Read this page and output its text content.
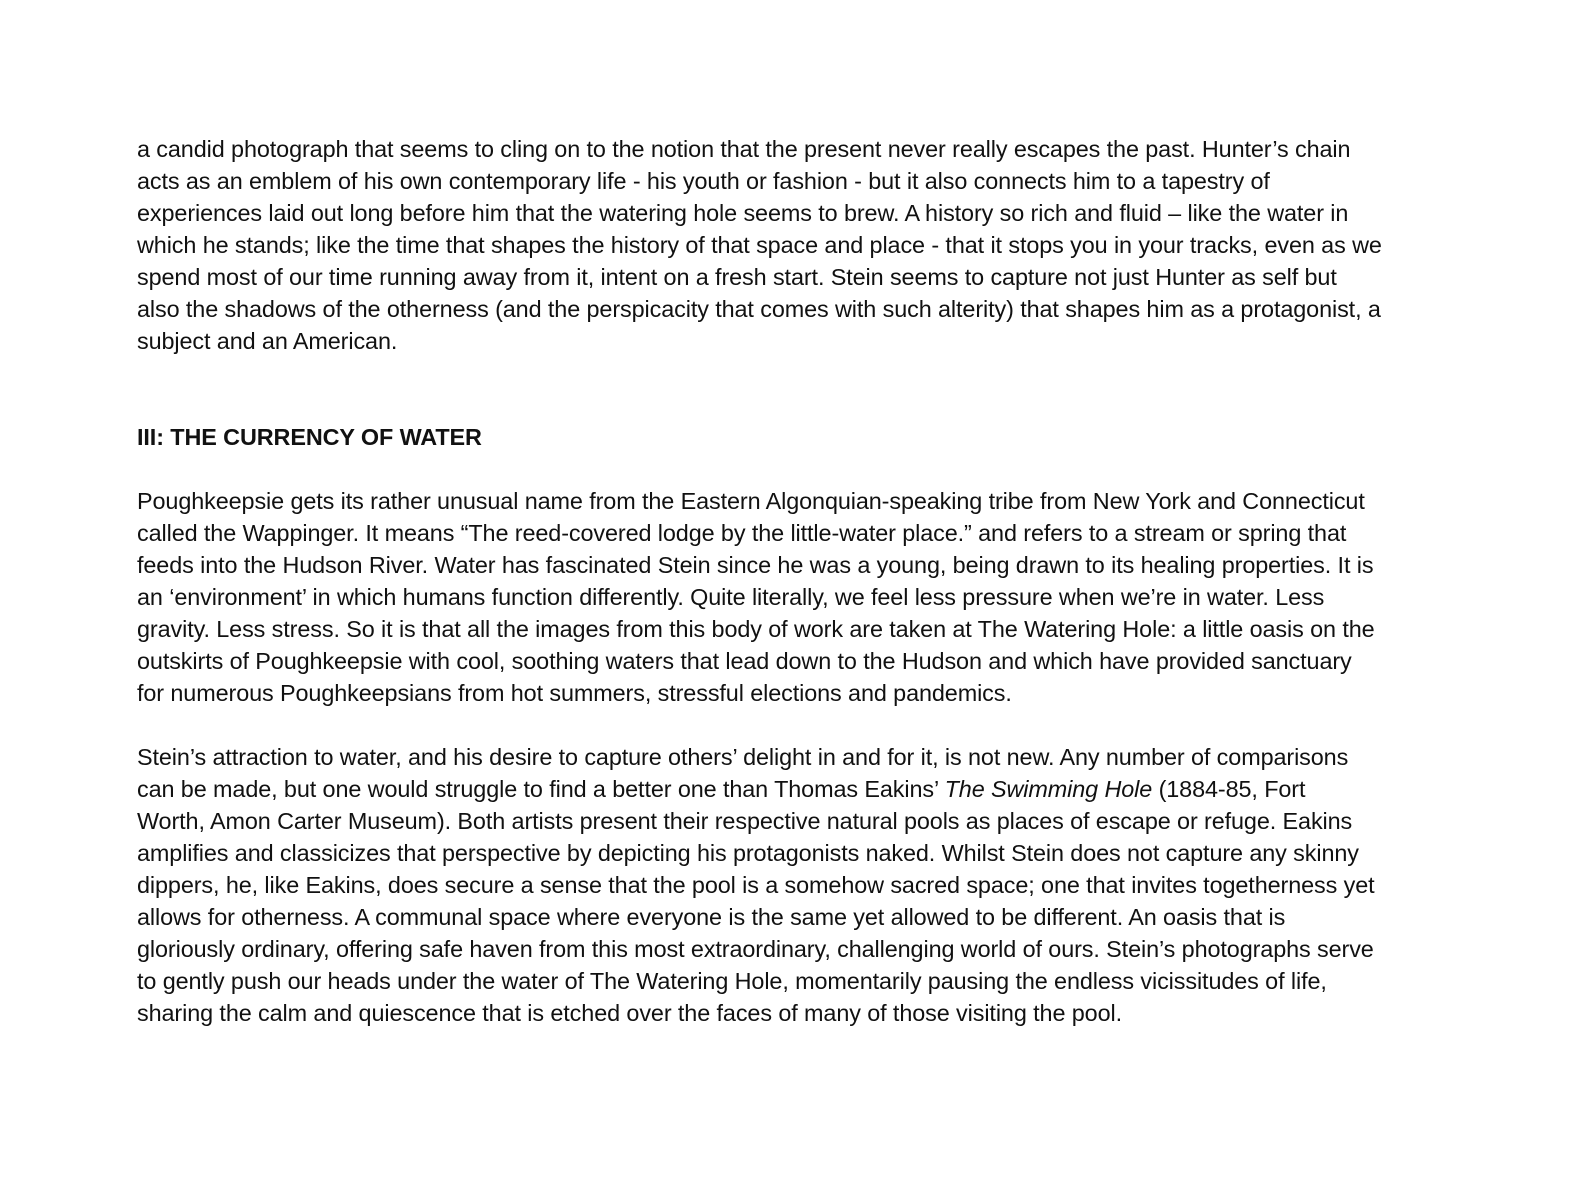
a candid photograph that seems to cling on to the notion that the present never really escapes the past. Hunter’s chain
acts as an emblem of his own contemporary life - his youth or fashion - but it also connects him to a tapestry of
experiences laid out long before him that the watering hole seems to brew. A history so rich and fluid – like the water in
which he stands; like the time that shapes the history of that space and place - that it stops you in your tracks, even as we
spend most of our time running away from it, intent on a fresh start. Stein seems to capture not just Hunter as self but
also the shadows of the otherness (and the perspicacity that comes with such alterity) that shapes him as a protagonist, a
subject and an American.

III: THE CURRENCY OF WATER

Poughkeepsie gets its rather unusual name from the Eastern Algonquian-speaking tribe from New York and Connecticut
called the Wappinger. It means “The reed-covered lodge by the little-water place.” and refers to a stream or spring that
feeds into the Hudson River. Water has fascinated Stein since he was a young, being drawn to its healing properties. It is
an ‘environment’ in which humans function differently. Quite literally, we feel less pressure when we’re in water. Less
gravity. Less stress. So it is that all the images from this body of work are taken at The Watering Hole: a little oasis on the
outskirts of Poughkeepsie with cool, soothing waters that lead down to the Hudson and which have provided sanctuary
for numerous Poughkeepsians from hot summers, stressful elections and pandemics.

Stein’s attraction to water, and his desire to capture others’ delight in and for it, is not new. Any number of comparisons
can be made, but one would struggle to find a better one than Thomas Eakins’ The Swimming Hole (1884-85, Fort
Worth, Amon Carter Museum). Both artists present their respective natural pools as places of escape or refuge. Eakins
amplifies and classicizes that perspective by depicting his protagonists naked. Whilst Stein does not capture any skinny
dippers, he, like Eakins, does secure a sense that the pool is a somehow sacred space; one that invites togetherness yet
allows for otherness. A communal space where everyone is the same yet allowed to be different. An oasis that is
gloriously ordinary, offering safe haven from this most extraordinary, challenging world of ours. Stein’s photographs serve
to gently push our heads under the water of The Watering Hole, momentarily pausing the endless vicissitudes of life,
sharing the calm and quiescence that is etched over the faces of many of those visiting the pool.
